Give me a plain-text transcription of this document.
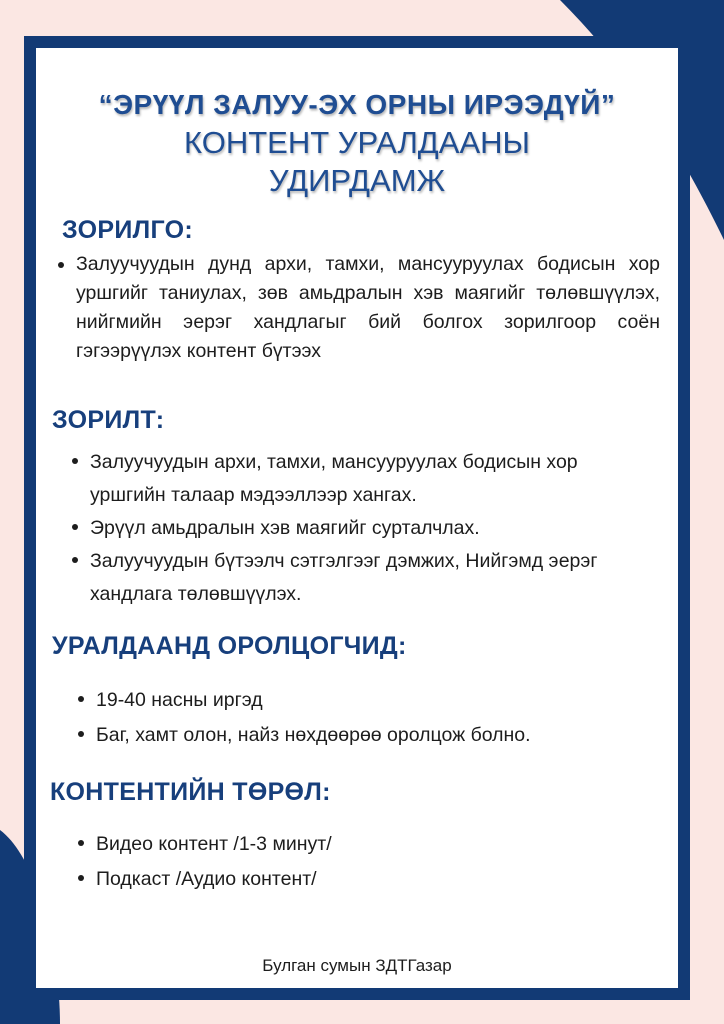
“ЭРҮҮЛ ЗАЛУУ-ЭХ ОРНЫ ИРЭЭДҮЙ”
КОНТЕНТ УРАЛДААНЫ
УДИРДАМЖ
ЗОРИЛГО:
Залуучуудын дунд архи, тамхи, мансууруулах бодисын хор уршгийг таниулах, зөв амьдралын хэв маягийг төлөвшүүлэх, нийгмийн эерэг хандлагыг бий болгох зорилгоор соён гэгээрүүлэх контент бүтээх
ЗОРИЛТ:
Залуучуудын архи, тамхи, мансууруулах бодисын хор уршгийн талаар мэдээллээр хангах.
Эрүүл амьдралын хэв маягийг сурталчлах.
Залуучуудын бүтээлч сэтгэлгээг дэмжих, Нийгэмд эерэг хандлага төлөвшүүлэх.
УРАЛДААНД ОРОЛЦОГЧИД:
19-40 насны иргэд
Баг, хамт олон, найз нөхдөөрөө оролцож болно.
КОНТЕНТИЙН ТӨРӨЛ:
Видео контент /1-3 минут/
Подкаст /Аудио контент/
Булган сумын ЗДТГазар
